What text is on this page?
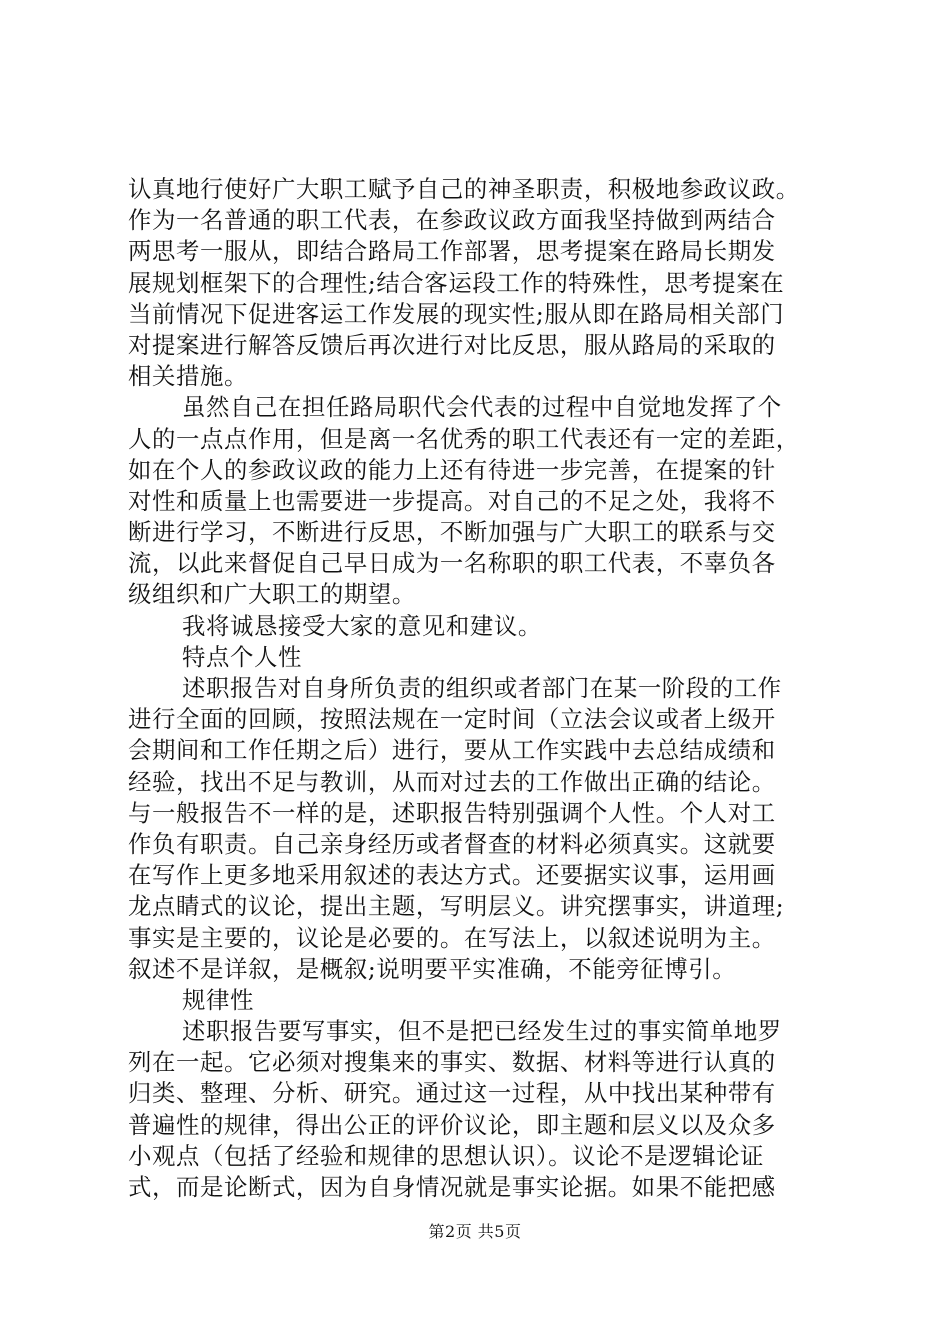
认真地行使好广大职工赋予自己的神圣职责，积极地参政议政。
作为一名普通的职工代表，在参政议政方面我坚持做到两结合
两思考一服从，即结合路局工作部署，思考提案在路局长期发
展规划框架下的合理性;结合客运段工作的特殊性，思考提案在
当前情况下促进客运工作发展的现实性;服从即在路局相关部门
对提案进行解答反馈后再次进行对比反思，服从路局的采取的
相关措施。
虽然自己在担任路局职代会代表的过程中自觉地发挥了个
人的一点点作用，但是离一名优秀的职工代表还有一定的差距，
如在个人的参政议政的能力上还有待进一步完善，在提案的针
对性和质量上也需要进一步提高。对自己的不足之处，我将不
断进行学习，不断进行反思，不断加强与广大职工的联系与交
流，以此来督促自己早日成为一名称职的职工代表，不辜负各
级组织和广大职工的期望。
我将诚恳接受大家的意见和建议。
特点个人性
述职报告对自身所负责的组织或者部门在某一阶段的工作
进行全面的回顾，按照法规在一定时间（立法会议或者上级开
会期间和工作任期之后）进行，要从工作实践中去总结成绩和
经验，找出不足与教训，从而对过去的工作做出正确的结论。
与一般报告不一样的是，述职报告特别强调个人性。个人对工
作负有职责。自己亲身经历或者督查的材料必须真实。这就要
在写作上更多地采用叙述的表达方式。还要据实议事，运用画
龙点睛式的议论，提出主题，写明层义。讲究摆事实，讲道理;
事实是主要的，议论是必要的。在写法上，以叙述说明为主。
叙述不是详叙，是概叙;说明要平实准确，不能旁征博引。
规律性
述职报告要写事实，但不是把已经发生过的事实简单地罗
列在一起。它必须对搜集来的事实、数据、材料等进行认真的
归类、整理、分析、研究。通过这一过程，从中找出某种带有
普遍性的规律，得出公正的评价议论，即主题和层义以及众多
小观点（包括了经验和规律的思想认识）。议论不是逻辑论证
式，而是论断式，因为自身情况就是事实论据。如果不能把感
第2页 共5页
